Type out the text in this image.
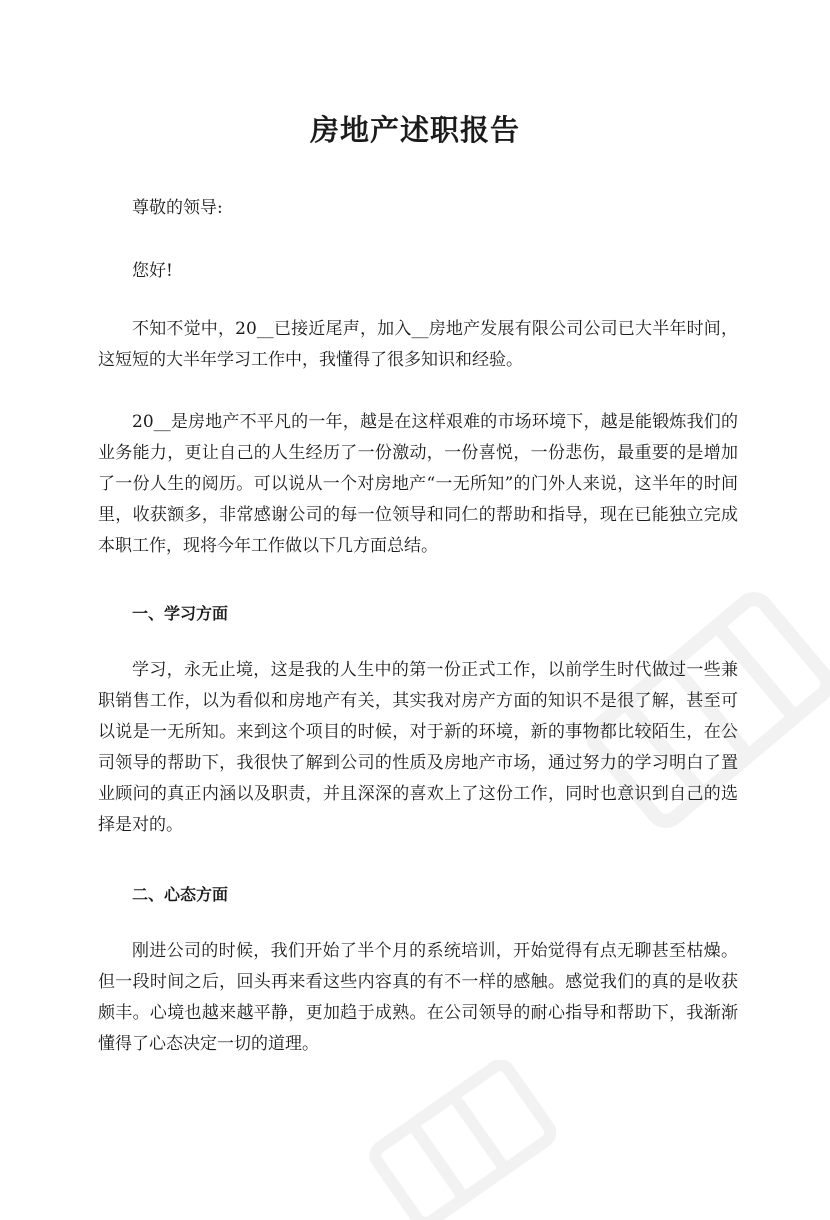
房地产述职报告

尊敬的领导:

您好!

不知不觉中，20__已接近尾声，加入__房地产发展有限公司公司已大半年时间，这短短的大半年学习工作中，我懂得了很多知识和经验。

20__是房地产不平凡的一年，越是在这样艰难的市场环境下，越是能锻炼我们的业务能力，更让自己的人生经历了一份激动，一份喜悦，一份悲伤，最重要的是增加了一份人生的阅历。可以说从一个对房地产“一无所知”的门外人来说，这半年的时间里，收获额多，非常感谢公司的每一位领导和同仁的帮助和指导，现在已能独立完成本职工作，现将今年工作做以下几方面总结。

一、学习方面

学习，永无止境，这是我的人生中的第一份正式工作，以前学生时代做过一些兼职销售工作，以为看似和房地产有关，其实我对房产方面的知识不是很了解，甚至可以说是一无所知。来到这个项目的时候，对于新的环境，新的事物都比较陌生，在公司领导的帮助下，我很快了解到公司的性质及房地产市场，通过努力的学习明白了置业顾问的真正内涵以及职责，并且深深的喜欢上了这份工作，同时也意识到自己的选择是对的。

二、心态方面

刚进公司的时候，我们开始了半个月的系统培训，开始觉得有点无聊甚至枯燥。但一段时间之后，回头再来看这些内容真的有不一样的感触。感觉我们的真的是收获颇丰。心境也越来越平静，更加趋于成熟。在公司领导的耐心指导和帮助下，我渐渐懂得了心态决定一切的道理。
